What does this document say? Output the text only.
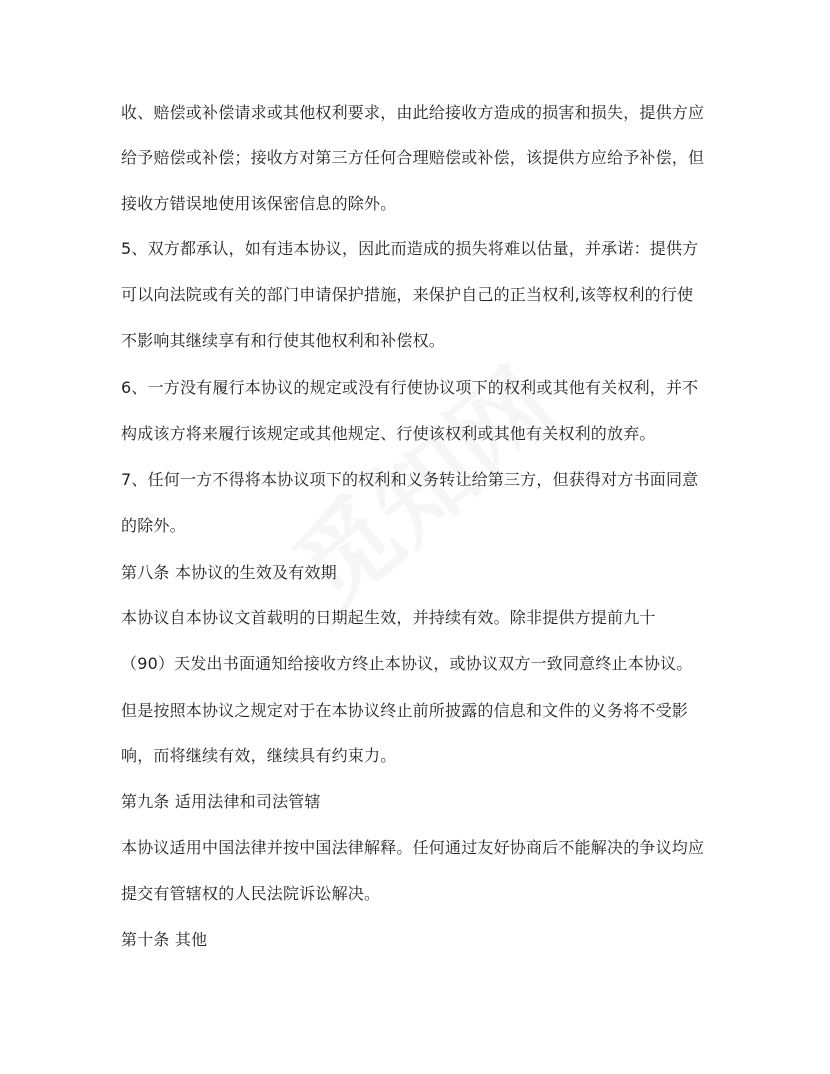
收、赔偿或补偿请求或其他权利要求，由此给接收方造成的损害和损失，提供方应
给予赔偿或补偿；接收方对第三方任何合理赔偿或补偿，该提供方应给予补偿，但
接收方错误地使用该保密信息的除外。
5、双方都承认，如有违本协议，因此而造成的损失将难以估量，并承诺：提供方
可以向法院或有关的部门申请保护措施，来保护自己的正当权利,该等权利的行使
不影响其继续享有和行使其他权利和补偿权。
6、一方没有履行本协议的规定或没有行使协议项下的权利或其他有关权利，并不
构成该方将来履行该规定或其他规定、行使该权利或其他有关权利的放弃。
7、任何一方不得将本协议项下的权利和义务转让给第三方，但获得对方书面同意
的除外。
第八条 本协议的生效及有效期
本协议自本协议文首载明的日期起生效，并持续有效。除非提供方提前九十
（90）天发出书面通知给接收方终止本协议，或协议双方一致同意终止本协议。
但是按照本协议之规定对于在本协议终止前所披露的信息和文件的义务将不受影
响，而将继续有效，继续具有约束力。
第九条 适用法律和司法管辖
本协议适用中国法律并按中国法律解释。任何通过友好协商后不能解决的争议均应
提交有管辖权的人民法院诉讼解决。
第十条 其他
